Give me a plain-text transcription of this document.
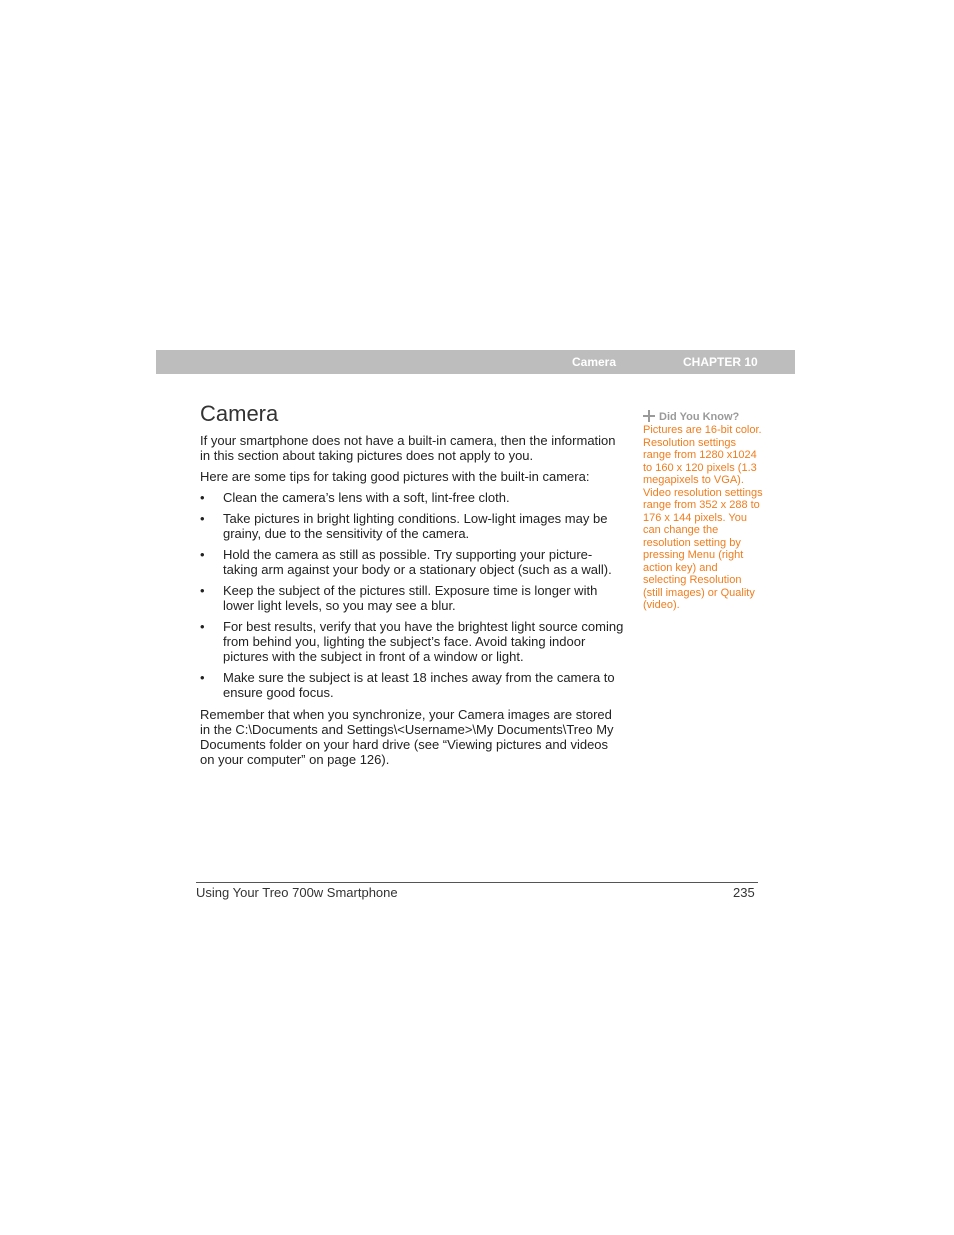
Camera	CHAPTER 10
Camera

If your smartphone does not have a built-in camera, then the information in this section about taking pictures does not apply to you.

Here are some tips for taking good pictures with the built-in camera:

• Clean the camera’s lens with a soft, lint-free cloth.
• Take pictures in bright lighting conditions. Low-light images may be grainy, due to the sensitivity of the camera.
• Hold the camera as still as possible. Try supporting your picture-taking arm against your body or a stationary object (such as a wall).
• Keep the subject of the pictures still. Exposure time is longer with lower light levels, so you may see a blur.
• For best results, verify that you have the brightest light source coming from behind you, lighting the subject’s face. Avoid taking indoor pictures with the subject in front of a window or light.
• Make sure the subject is at least 18 inches away from the camera to ensure good focus.

Remember that when you synchronize, your Camera images are stored in the C:\Documents and Settings\<Username>\My Documents\Treo My Documents folder on your hard drive (see “Viewing pictures and videos on your computer” on page 126).

Did You Know?

Pictures are 16-bit color. Resolution settings range from 1280 x1024 to 160 x 120 pixels (1.3 megapixels to VGA). Video resolution settings range from 352 x 288 to 176 x 144 pixels. You can change the resolution setting by pressing Menu (right action key) and selecting Resolution (still images) or Quality (video).

Using Your Treo 700w Smartphone	235
